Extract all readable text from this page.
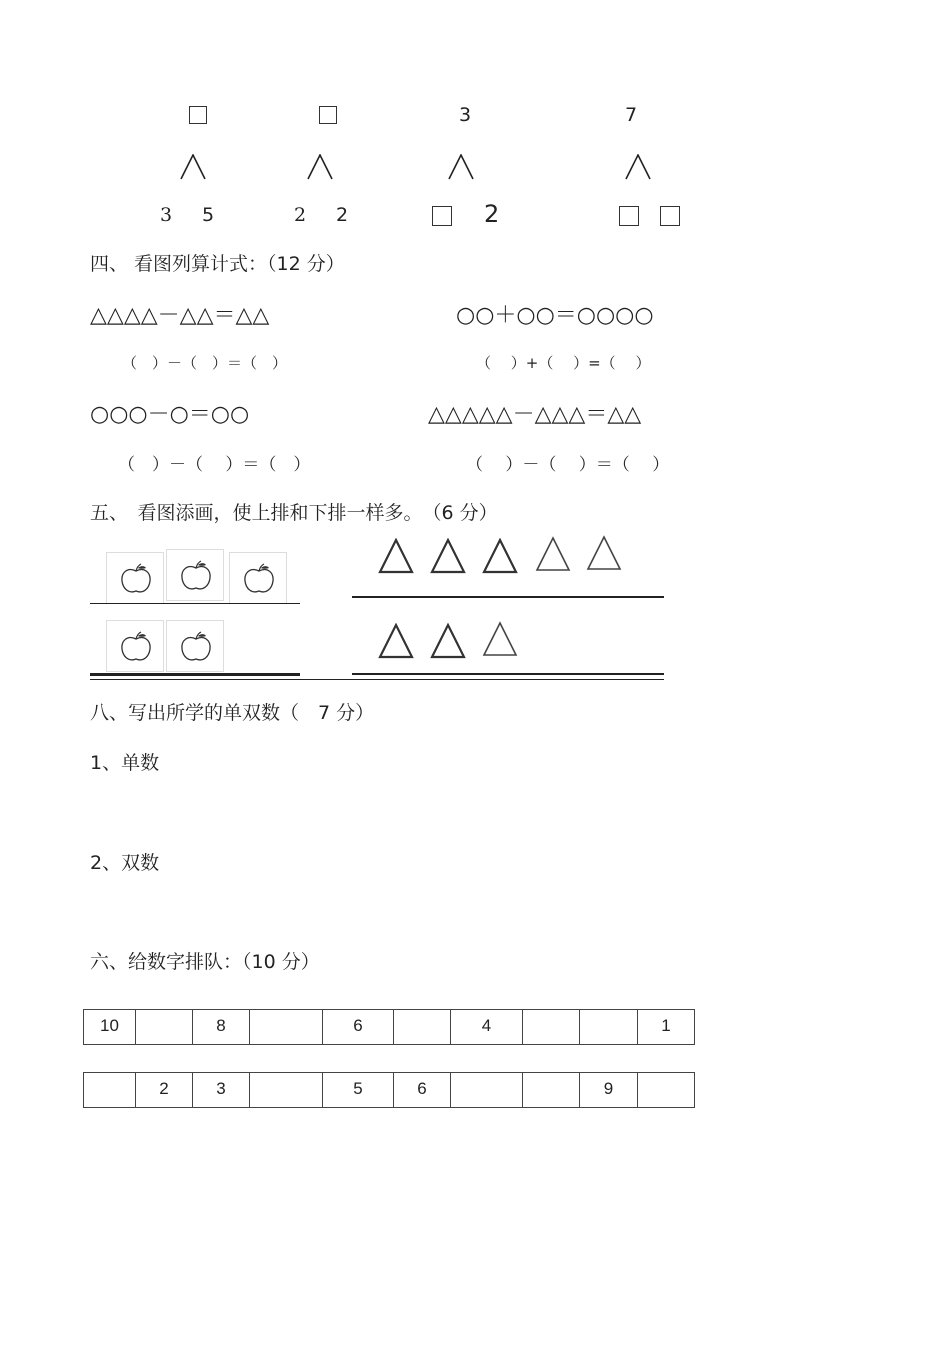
3 5	2 2
3
2
7
四、 看图列算计式：（12 分）
△△△△－△△＝△△
（　）－（　）＝（　）
○○＋○○＝○○○○
（　 ）+（　 ）=（　 ）
○○○－○＝○○
（　）－（　 ）＝（　）
△△△△△－△△△＝△△
（　 ）－（　 ）＝（　 ）
五、　看图添画，使上排和下排一样多。　（6 分）
八、写出所学的单双数（　7 分）
1、单数
2、双数
六、给数字排队：（10 分）
10		8		6		4			1
	2	3		5	6			9	
